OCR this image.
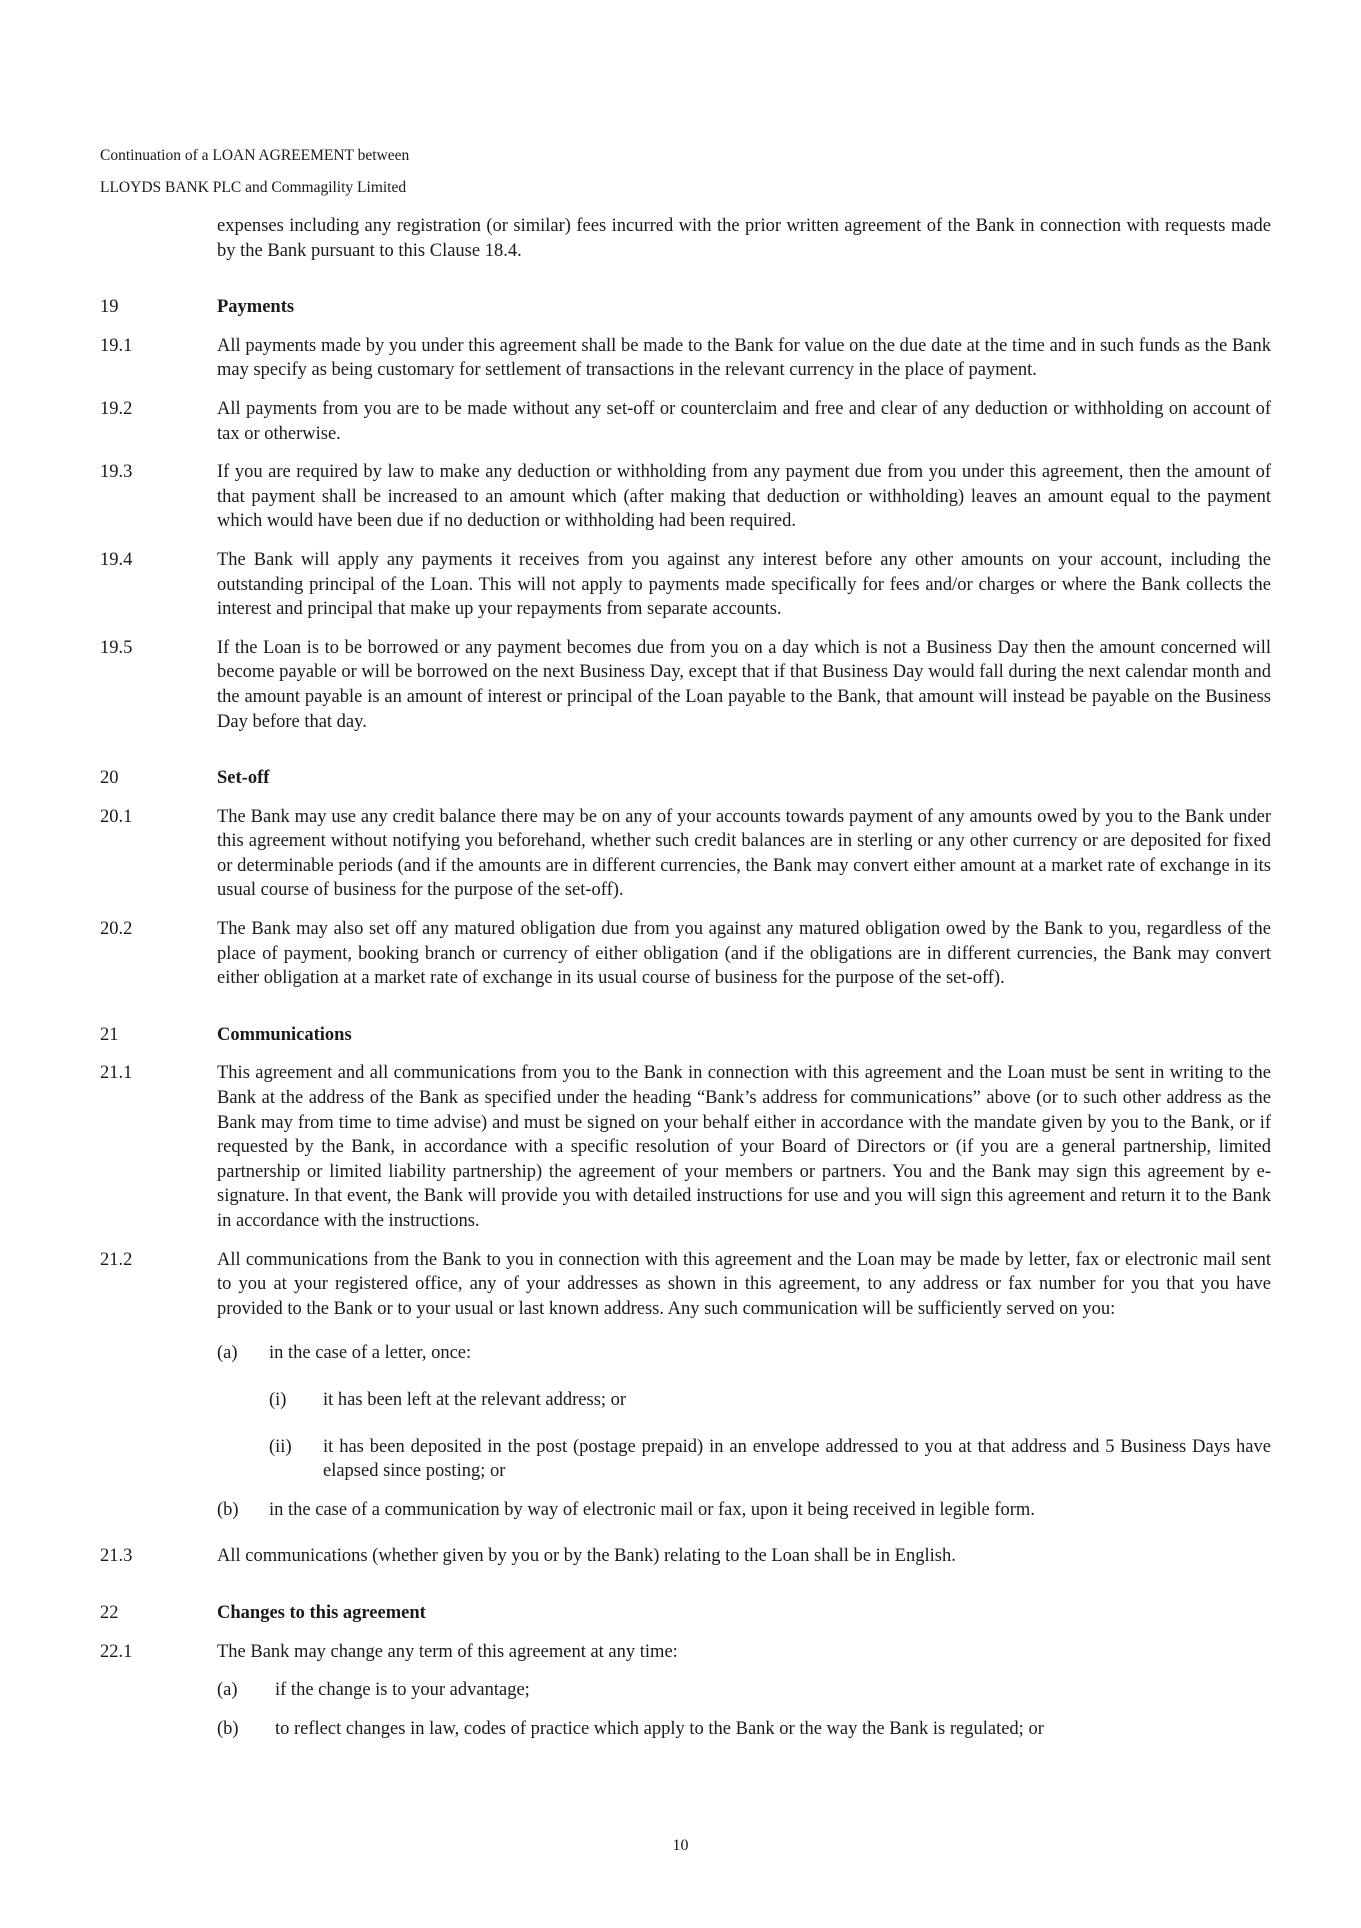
Continuation of a LOAN AGREEMENT between
LLOYDS BANK PLC and Commagility Limited
expenses including any registration (or similar) fees incurred with the prior written agreement of the Bank in connection with requests made by the Bank pursuant to this Clause 18.4.
19	Payments
19.1	All payments made by you under this agreement shall be made to the Bank for value on the due date at the time and in such funds as the Bank may specify as being customary for settlement of transactions in the relevant currency in the place of payment.
19.2	All payments from you are to be made without any set-off or counterclaim and free and clear of any deduction or withholding on account of tax or otherwise.
19.3	If you are required by law to make any deduction or withholding from any payment due from you under this agreement, then the amount of that payment shall be increased to an amount which (after making that deduction or withholding) leaves an amount equal to the payment which would have been due if no deduction or withholding had been required.
19.4	The Bank will apply any payments it receives from you against any interest before any other amounts on your account, including the outstanding principal of the Loan. This will not apply to payments made specifically for fees and/or charges or where the Bank collects the interest and principal that make up your repayments from separate accounts.
19.5	If the Loan is to be borrowed or any payment becomes due from you on a day which is not a Business Day then the amount concerned will become payable or will be borrowed on the next Business Day, except that if that Business Day would fall during the next calendar month and the amount payable is an amount of interest or principal of the Loan payable to the Bank, that amount will instead be payable on the Business Day before that day.
20	Set-off
20.1	The Bank may use any credit balance there may be on any of your accounts towards payment of any amounts owed by you to the Bank under this agreement without notifying you beforehand, whether such credit balances are in sterling or any other currency or are deposited for fixed or determinable periods (and if the amounts are in different currencies, the Bank may convert either amount at a market rate of exchange in its usual course of business for the purpose of the set-off).
20.2	The Bank may also set off any matured obligation due from you against any matured obligation owed by the Bank to you, regardless of the place of payment, booking branch or currency of either obligation (and if the obligations are in different currencies, the Bank may convert either obligation at a market rate of exchange in its usual course of business for the purpose of the set-off).
21	Communications
21.1	This agreement and all communications from you to the Bank in connection with this agreement and the Loan must be sent in writing to the Bank at the address of the Bank as specified under the heading “Bank’s address for communications” above (or to such other address as the Bank may from time to time advise) and must be signed on your behalf either in accordance with the mandate given by you to the Bank, or if requested by the Bank, in accordance with a specific resolution of your Board of Directors or (if you are a general partnership, limited partnership or limited liability partnership) the agreement of your members or partners. You and the Bank may sign this agreement by e-signature. In that event, the Bank will provide you with detailed instructions for use and you will sign this agreement and return it to the Bank in accordance with the instructions.
21.2	All communications from the Bank to you in connection with this agreement and the Loan may be made by letter, fax or electronic mail sent to you at your registered office, any of your addresses as shown in this agreement, to any address or fax number for you that you have provided to the Bank or to your usual or last known address. Any such communication will be sufficiently served on you:
(a)	in the case of a letter, once:
(i)	it has been left at the relevant address; or
(ii)	it has been deposited in the post (postage prepaid) in an envelope addressed to you at that address and 5 Business Days have elapsed since posting; or
(b)	in the case of a communication by way of electronic mail or fax, upon it being received in legible form.
21.3	All communications (whether given by you or by the Bank) relating to the Loan shall be in English.
22	Changes to this agreement
22.1	The Bank may change any term of this agreement at any time:
(a)	if the change is to your advantage;
(b)	to reflect changes in law, codes of practice which apply to the Bank or the way the Bank is regulated; or
10
